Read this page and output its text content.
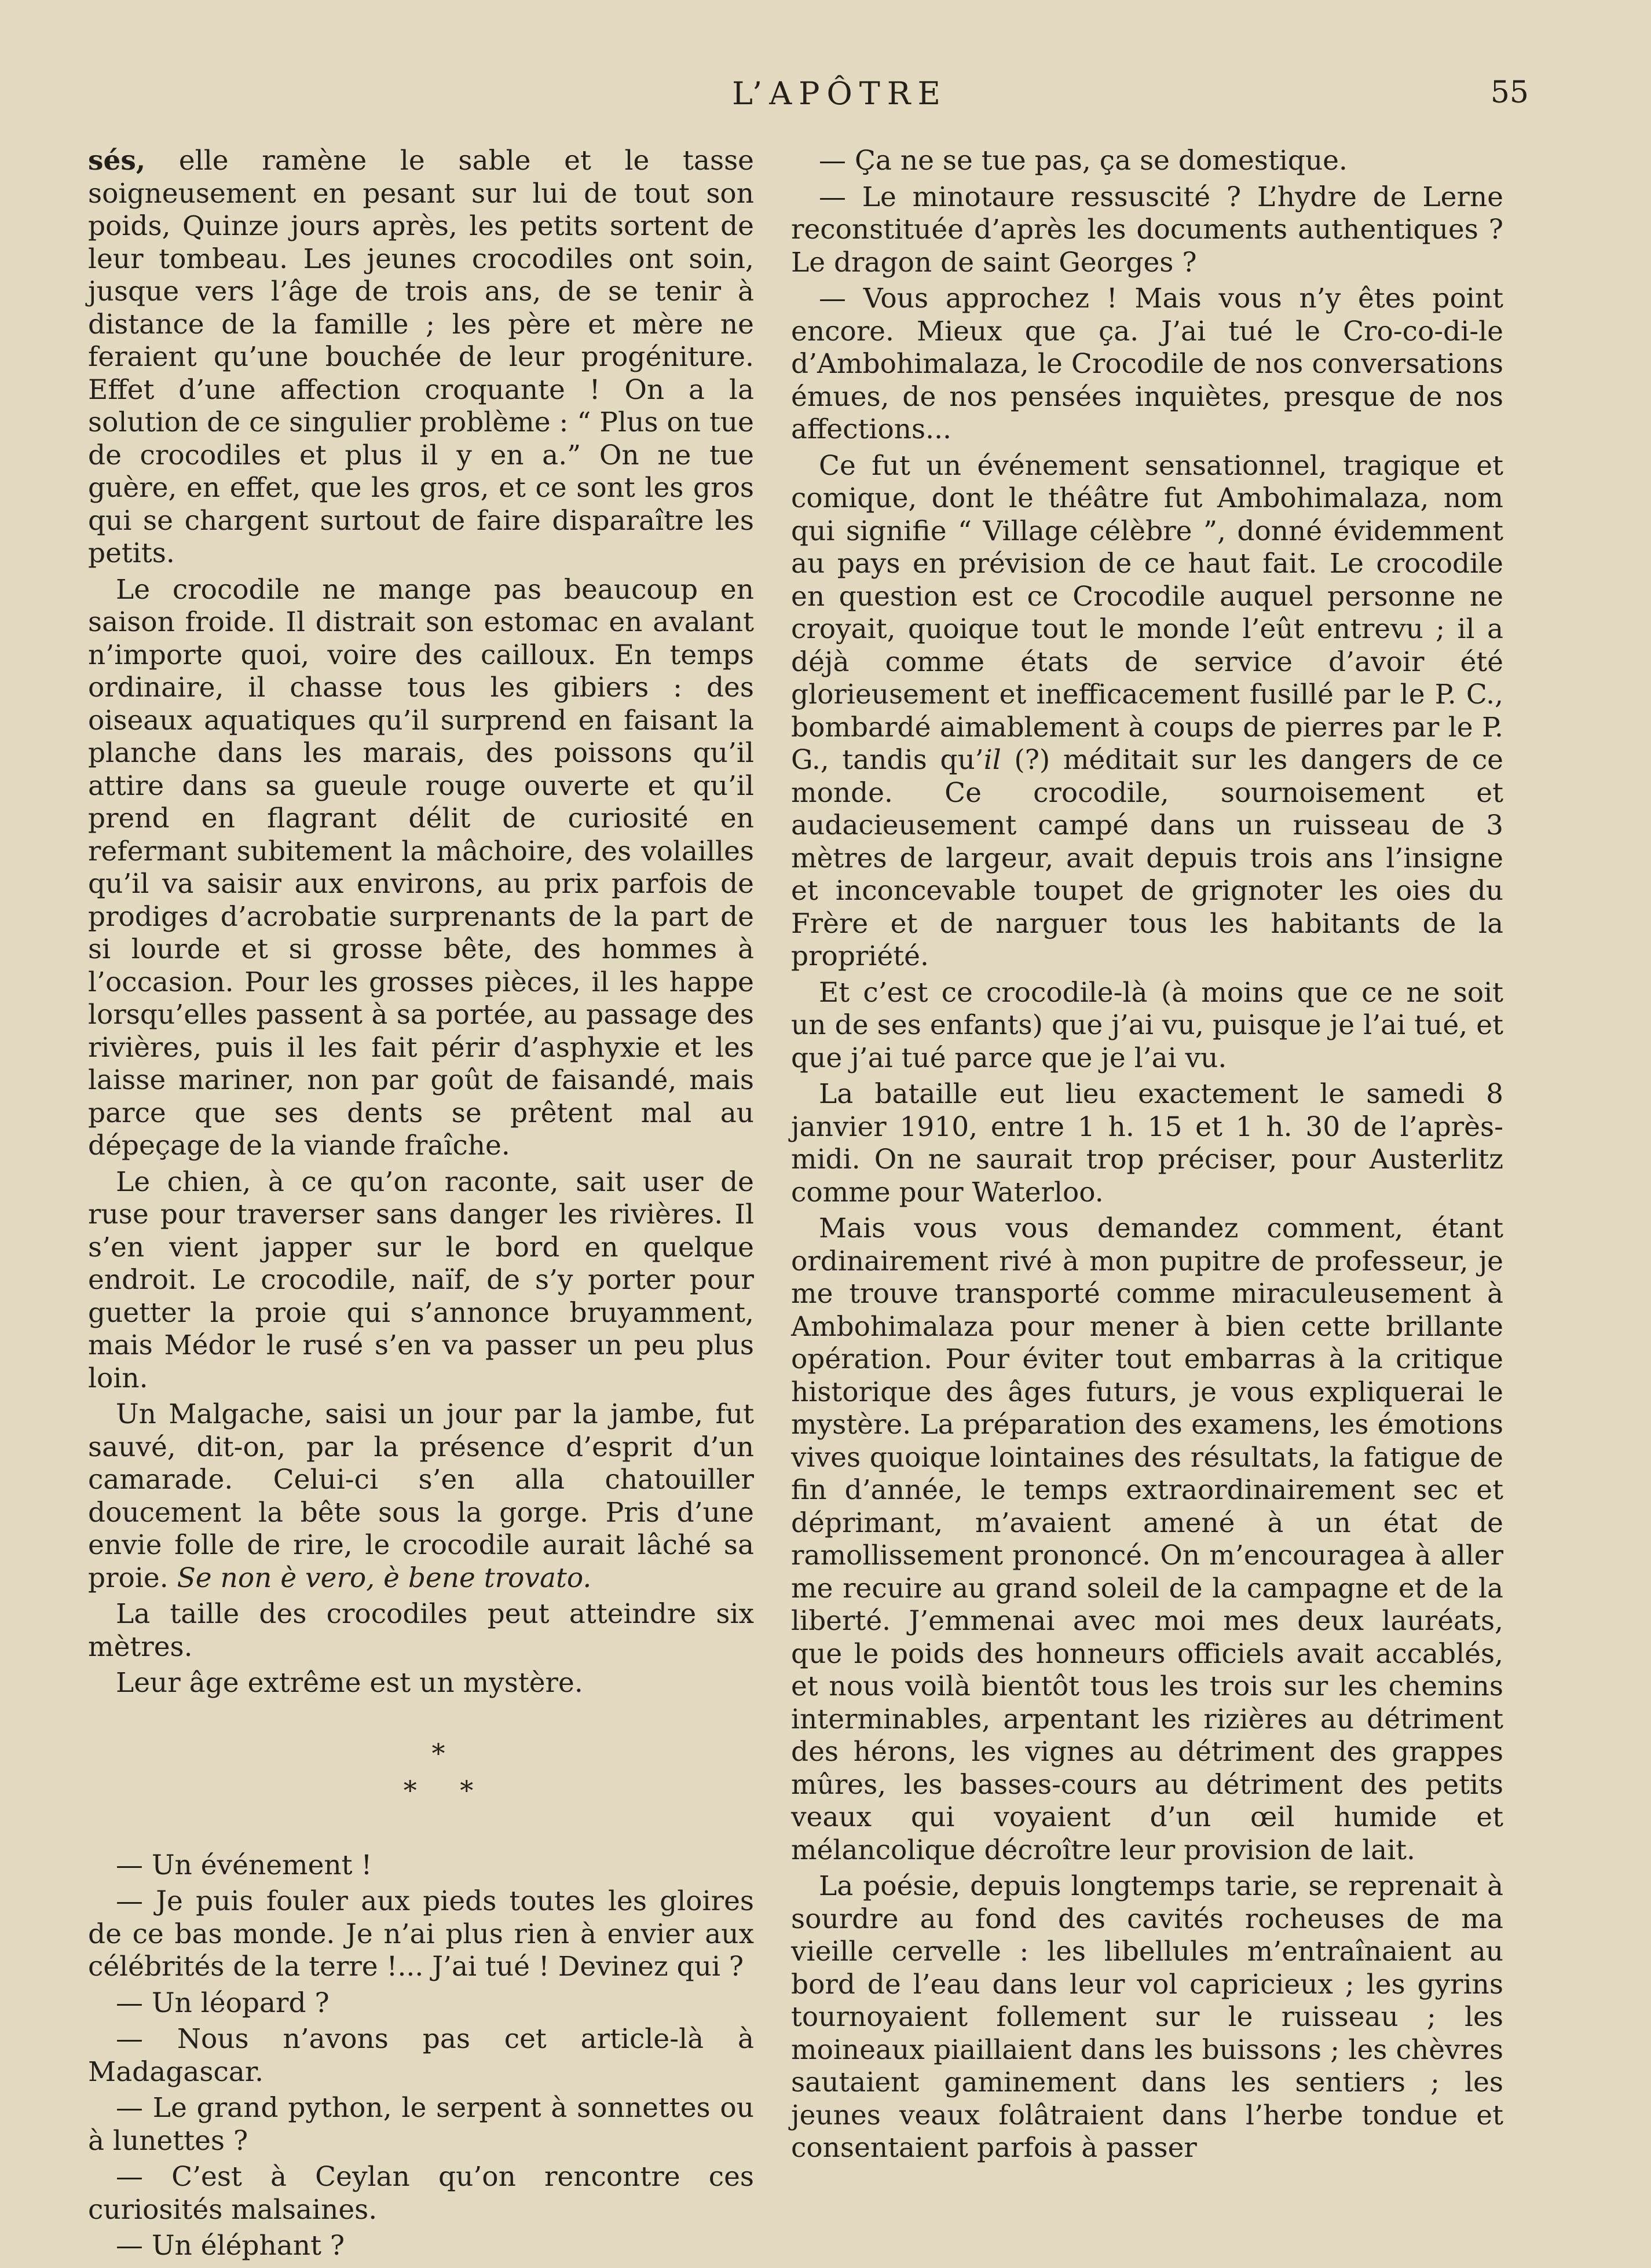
L’APÔTRE	55

sés, elle ramène le sable et le tasse soigneusement en pesant sur lui de tout son poids, Quinze jours après, les petits sortent de leur tombeau. Les jeunes crocodiles ont soin, jusque vers l’âge de trois ans, de se tenir à distance de la famille ; les père et mère ne feraient qu’une bouchée de leur progéniture. Effet d’une affection croquante ! On a la solution de ce singulier problème : “ Plus on tue de crocodiles et plus il y en a.” On ne tue guère, en effet, que les gros, et ce sont les gros qui se chargent surtout de faire disparaître les petits.

Le crocodile ne mange pas beaucoup en saison froide. Il distrait son estomac en avalant n’importe quoi, voire des cailloux. En temps ordinaire, il chasse tous les gibiers : des oiseaux aquatiques qu’il surprend en faisant la planche dans les marais, des poissons qu’il attire dans sa gueule rouge ouverte et qu’il prend en flagrant délit de curiosité en refermant subitement la mâchoire, des volailles qu’il va saisir aux environs, au prix parfois de prodiges d’acrobatie surprenants de la part de si lourde et si grosse bête, des hommes à l’occasion. Pour les grosses pièces, il les happe lorsqu’elles passent à sa portée, au passage des rivières, puis il les fait périr d’asphyxie et les laisse mariner, non par goût de faisandé, mais parce que ses dents se prêtent mal au dépeçage de la viande fraîche.

Le chien, à ce qu’on raconte, sait user de ruse pour traverser sans danger les rivières. Il s’en vient japper sur le bord en quelque endroit. Le crocodile, naïf, de s’y porter pour guetter la proie qui s’annonce bruyamment, mais Médor le rusé s’en va passer un peu plus loin.

Un Malgache, saisi un jour par la jambe, fut sauvé, dit-on, par la présence d’esprit d’un camarade. Celui-ci s’en alla chatouiller doucement la bête sous la gorge. Pris d’une envie folle de rire, le crocodile aurait lâché sa proie. Se non è vero, è bene trovato.

La taille des crocodiles peut atteindre six mètres.

Leur âge extrême est un mystère.

*
* *

— Un événement !

— Je puis fouler aux pieds toutes les gloires de ce bas monde. Je n’ai plus rien à envier aux célébrités de la terre !... J’ai tué ! Devinez qui ?

— Un léopard ?

— Nous n’avons pas cet article-là à Madagascar.

— Le grand python, le serpent à sonnettes ou à lunettes ?

— C’est à Ceylan qu’on rencontre ces curiosités malsaines.

— Un éléphant ?

— Ça ne se tue pas, ça se domestique.

— Le minotaure ressuscité ? L’hydre de Lerne reconstituée d’après les documents authentiques ? Le dragon de saint Georges ?

— Vous approchez ! Mais vous n’y êtes point encore. Mieux que ça. J’ai tué le Cro-co-di-le d’Ambohimalaza, le Crocodile de nos conversations émues, de nos pensées inquiètes, presque de nos affections...

Ce fut un événement sensationnel, tragique et comique, dont le théâtre fut Ambohimalaza, nom qui signifie “ Village célèbre ”, donné évidemment au pays en prévision de ce haut fait. Le crocodile en question est ce Crocodile auquel personne ne croyait, quoique tout le monde l’eût entrevu ; il a déjà comme états de service d’avoir été glorieusement et inefficacement fusillé par le P. C., bombardé aimablement à coups de pierres par le P. G., tandis qu’il (?) méditait sur les dangers de ce monde. Ce crocodile, sournoisement et audacieusement campé dans un ruisseau de 3 mètres de largeur, avait depuis trois ans l’insigne et inconcevable toupet de grignoter les oies du Frère et de narguer tous les habitants de la propriété.

Et c’est ce crocodile-là (à moins que ce ne soit un de ses enfants) que j’ai vu, puisque je l’ai tué, et que j’ai tué parce que je l’ai vu.

La bataille eut lieu exactement le samedi 8 janvier 1910, entre 1 h. 15 et 1 h. 30 de l’après-midi. On ne saurait trop préciser, pour Austerlitz comme pour Waterloo.

Mais vous vous demandez comment, étant ordinairement rivé à mon pupitre de professeur, je me trouve transporté comme miraculeusement à Ambohimalaza pour mener à bien cette brillante opération. Pour éviter tout embarras à la critique historique des âges futurs, je vous expliquerai le mystère. La préparation des examens, les émotions vives quoique lointaines des résultats, la fatigue de fin d’année, le temps extraordinairement sec et déprimant, m’avaient amené à un état de ramollissement prononcé. On m’encouragea à aller me recuire au grand soleil de la campagne et de la liberté. J’emmenai avec moi mes deux lauréats, que le poids des honneurs officiels avait accablés, et nous voilà bientôt tous les trois sur les chemins interminables, arpentant les rizières au détriment des hérons, les vignes au détriment des grappes mûres, les basses-cours au détriment des petits veaux qui voyaient d’un œil humide et mélancolique décroître leur provision de lait.

La poésie, depuis longtemps tarie, se reprenait à sourdre au fond des cavités rocheuses de ma vieille cervelle : les libellules m’entraînaient au bord de l’eau dans leur vol capricieux ; les gyrins tournoyaient follement sur le ruisseau ; les moineaux piaillaient dans les buissons ; les chèvres sautaient gaminement dans les sentiers ; les jeunes veaux folâtraient dans l’herbe tondue et consentaient parfois à passer
